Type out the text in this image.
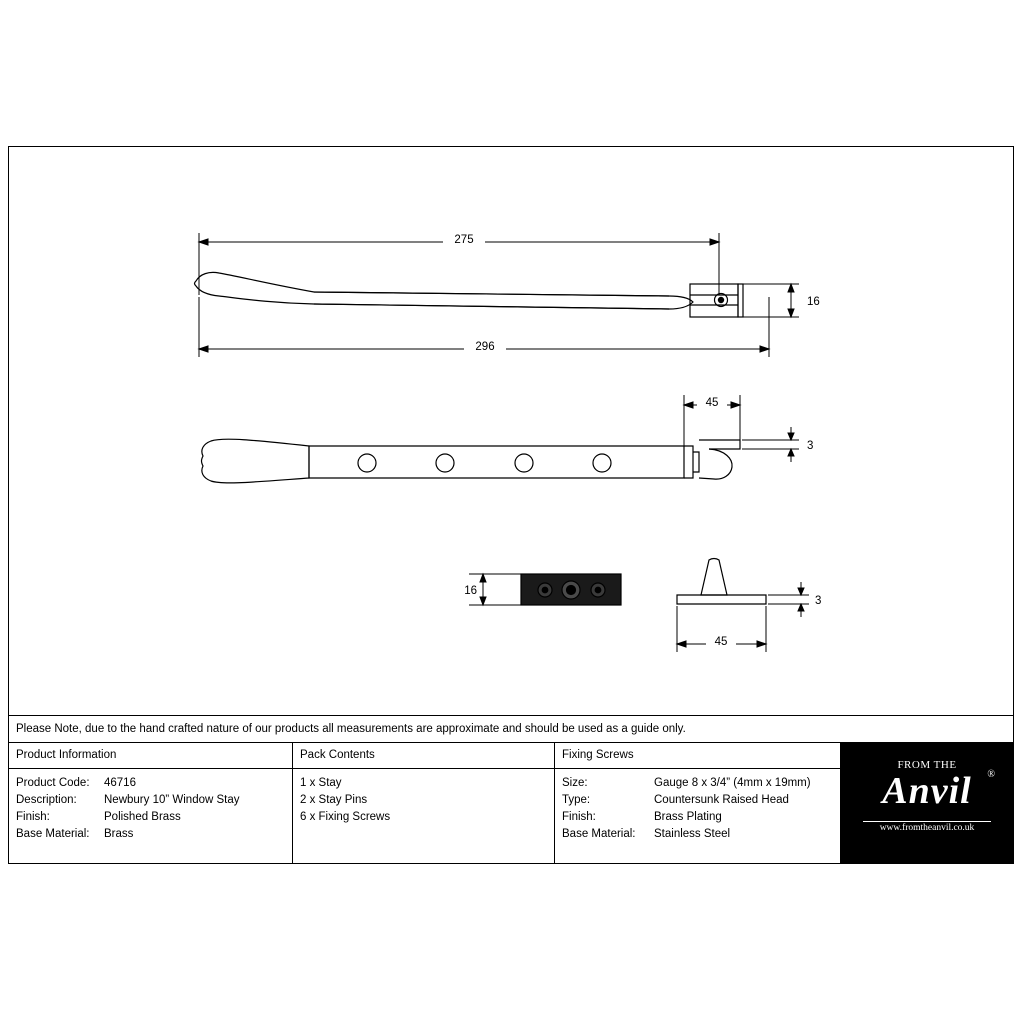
275
16
296
45
3
16
3
45
Please Note, due to the hand crafted nature of our products all measurements are approximate and should be used as a guide only.
Product Information
Product Code:	46716
Description:	Newbury 10” Window Stay
Finish:	Polished Brass
Base Material:	Brass
Pack Contents
1 x Stay
2 x Stay Pins
6 x Fixing Screws
Fixing Screws
Size:	Gauge 8 x 3/4” (4mm x 19mm)
Type:	Countersunk Raised Head
Finish:	Brass Plating
Base Material:	Stainless Steel
FROM THE
Anvil	®
www.fromtheanvil.co.uk
